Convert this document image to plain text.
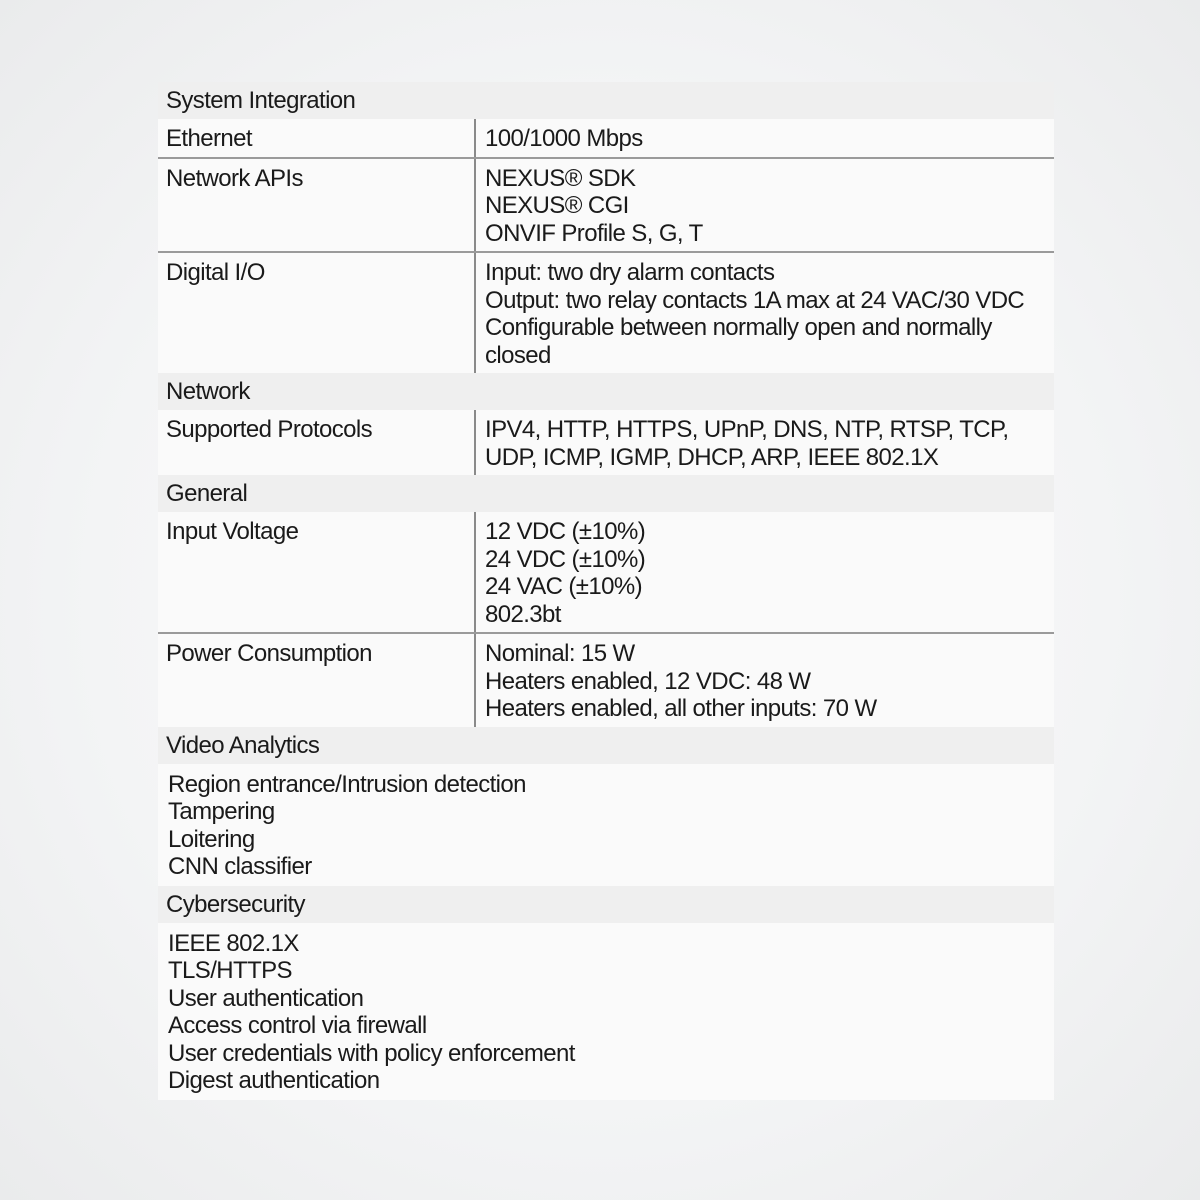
System Integration
Ethernet	100/1000 Mbps
Network APIs	NEXUS® SDK
NEXUS® CGI
ONVIF Profile S, G, T
Digital I/O	Input: two dry alarm contacts
Output: two relay contacts 1A max at 24 VAC/30 VDC
Configurable between normally open and normally closed
Network
Supported Protocols	IPV4, HTTP, HTTPS, UPnP, DNS, NTP, RTSP, TCP, UDP, ICMP, IGMP, DHCP, ARP, IEEE 802.1X
General
Input Voltage	12 VDC (±10%)
24 VDC (±10%)
24 VAC (±10%)
802.3bt
Power Consumption	Nominal: 15 W
Heaters enabled, 12 VDC: 48 W
Heaters enabled, all other inputs: 70 W
Video Analytics
Region entrance/Intrusion detection
Tampering
Loitering
CNN classifier
Cybersecurity
IEEE 802.1X
TLS/HTTPS
User authentication
Access control via firewall
User credentials with policy enforcement
Digest authentication
